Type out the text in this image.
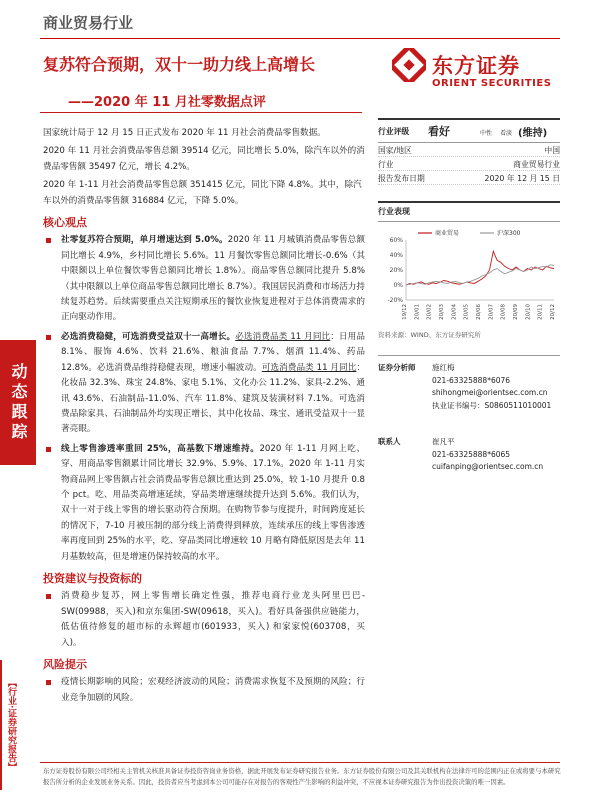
商业贸易行业
东方证券
ORIENT SECURITIES
复苏符合预期，双十一助力线上高增长
——2020 年 11 月社零数据点评
动态跟踪
【行业·证券研究报告】

国家统计局于 12 月 15 日正式发布 2020 年 11 月社会消费品零售数据。

2020 年 11 月社会消费品零售总额 39514 亿元，同比增长 5.0%，除汽车以外的消费品零售额 35497 亿元，增长 4.2%。

2020 年 1-11 月社会消费品零售总额 351415 亿元，同比下降 4.8%。其中，除汽车以外的消费品零售额 316884 亿元，下降 5.0%。

核心观点
社零复苏符合预期，单月增速达到 5.0%。2020 年 11 月城镇消费品零售总额同比增长 4.9%，乡村同比增长 5.6%。11 月餐饮零售总额同比增长-0.6%（其中限额以上单位餐饮零售总额同比增长 1.8%）。商品零售总额同比提升 5.8%（其中限额以上单位商品零售总额同比增长 8.7%）。我国居民消费和市场活力持续复苏趋势。后续需要重点关注短期承压的餐饮业恢复进程对于总体消费需求的正向驱动作用。
必选消费稳健，可选消费受益双十一高增长。必选消费品类 11 月同比：日用品 8.1%、服饰 4.6%、饮料 21.6%、粮油食品 7.7%、烟酒 11.4%、药品 12.8%。必选消费品维持稳健表现，增速小幅波动。可选消费品类 11 月同比：化妆品 32.3%、珠宝 24.8%、家电 5.1%、文化办公 11.2%、家具-2.2%、通讯 43.6%、石油制品-11.0%、汽车 11.8%、建筑及装潢材料 7.1%。可选消费品除家具、石油制品外均实现正增长，其中化妆品、珠宝、通讯受益双十一显著亮眼。
线上零售渗透率重回 25%，高基数下增速维持。2020 年 1-11 月网上吃、穿、用商品零售额累计同比增长 32.9%、5.9%、17.1%。2020 年 1-11 月实物商品网上零售额占社会消费品零售总额比重达到 25.0%，较 1-10 月提升 0.8 个 pct。吃、用品类高增速延续，穿品类增速继续提升达到 5.6%。我们认为，双十一对于线上零售的增长驱动符合预期。在购物节参与度提升，时间跨度延长的情况下，7-10 月被压制的部分线上消费得到释放，连续承压的线上零售渗透率再度回到 25%的水平，吃、穿品类同比增速较 10 月略有降低原因是去年 11 月基数较高，但是增速仍保持较高的水平。
投资建议与投资标的
消费稳步复苏，网上零售增长确定性强，推荐电商行业龙头阿里巴巴-SW(09988，买入)和京东集团-SW(09618，买入)。看好具备强供应链能力，低估值待修复的超市标的永辉超市(601933，买入) 和家家悦(603708，买入)。
风险提示
疫情长期影响的风险；宏观经济波动的风险；消费需求恢复不及预期的风险；行业竞争加剧的风险。
行业评级 看好	中性 看淡 (维持)
国家/地区	中国
行业	商业贸易行业
报告发布日期	2020 年 12 月 15 日
行业表现
60%
40%
20%
0%
-20%
19/12 20/01 20/02 20/03 20/04 20/05 20/06 20/07 20/08 20/09 20/10 20/11 20/12
商业贸易	沪深300
资料来源：WIND、东方证券研究所
证券分析师 施红梅
021-63325888*6076
shihongmei@orientsec.com.cn
执业证书编号：S0860511010001
联系人	崔凡平
021-63325888*6065
cuifanping@orientsec.com.cn
东方证券股份有限公司经相关主管机关核准具备证券投资咨询业务资格，据此开展发布证券研究报告业务。东方证券股份有限公司及其关联机构在法律许可的范围内正在或将要与本研究报告所分析的企业发展业务关系。因此，投资者应当考虑到本公司可能存在对报告的客观性产生影响的利益冲突，不应视本证券研究报告为作出投资决策的唯一因素。
